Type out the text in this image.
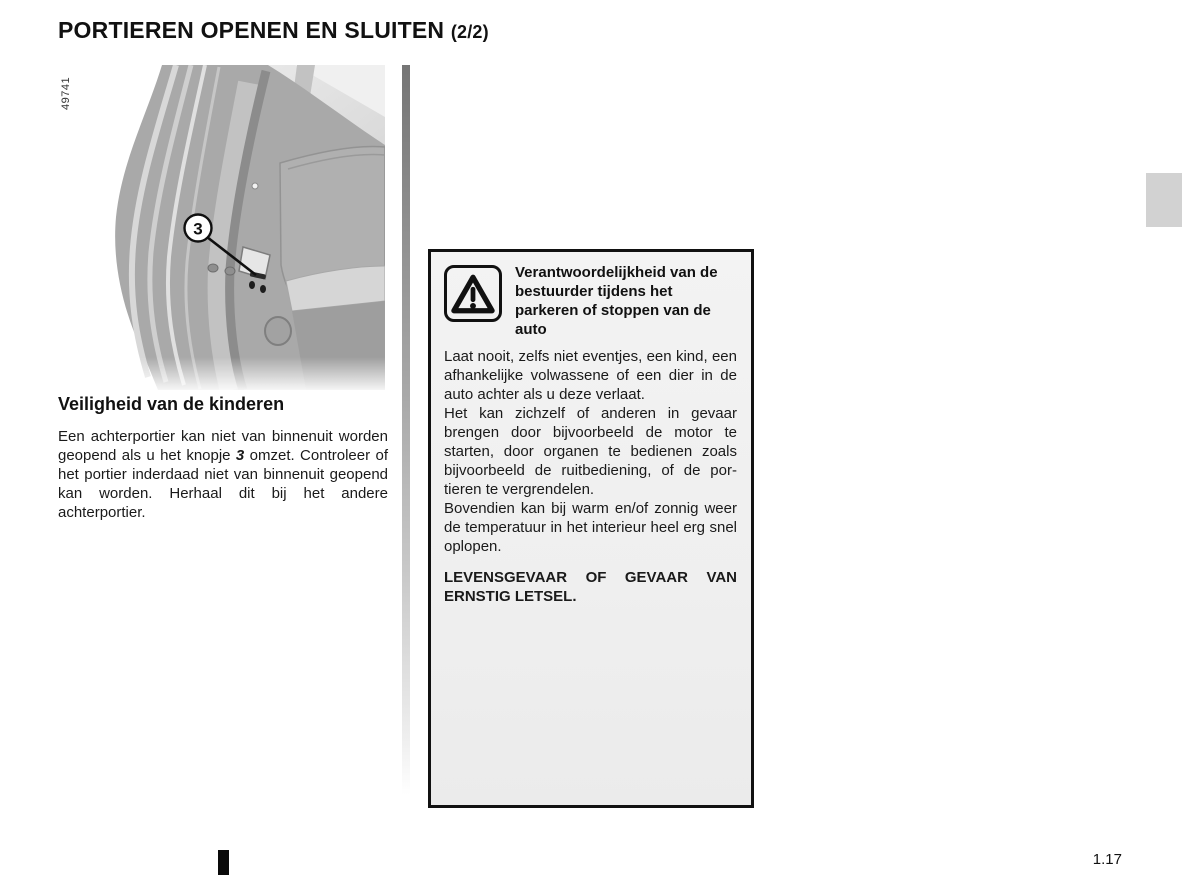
PORTIEREN OPENEN EN SLUITEN (2/2)
49741
3
Veiligheid van de kinderen

Een achterportier kan niet van binnenuit worden geopend als u het knopje 3 omzet. Controleer of het portier inderdaad niet van binnenuit geopend kan worden. Herhaal dit bij het andere achterportier.

Verantwoordelijkheid van de bestuurder tijdens het parkeren of stoppen van de auto

Laat nooit, zelfs niet eventjes, een kind, een afhankelijke volwassene of een dier in de auto achter als u deze verlaat.

Het kan zichzelf of anderen in gevaar brengen door bijvoorbeeld de motor te starten, door organen te bedienen zoals bijvoorbeeld de ruitbediening, of de portieren te vergrendelen.

Bovendien kan bij warm en/of zonnig weer de temperatuur in het interieur heel erg snel oplopen.

LEVENSGEVAAR OF GEVAAR VAN ERNSTIG LETSEL.

1.17
